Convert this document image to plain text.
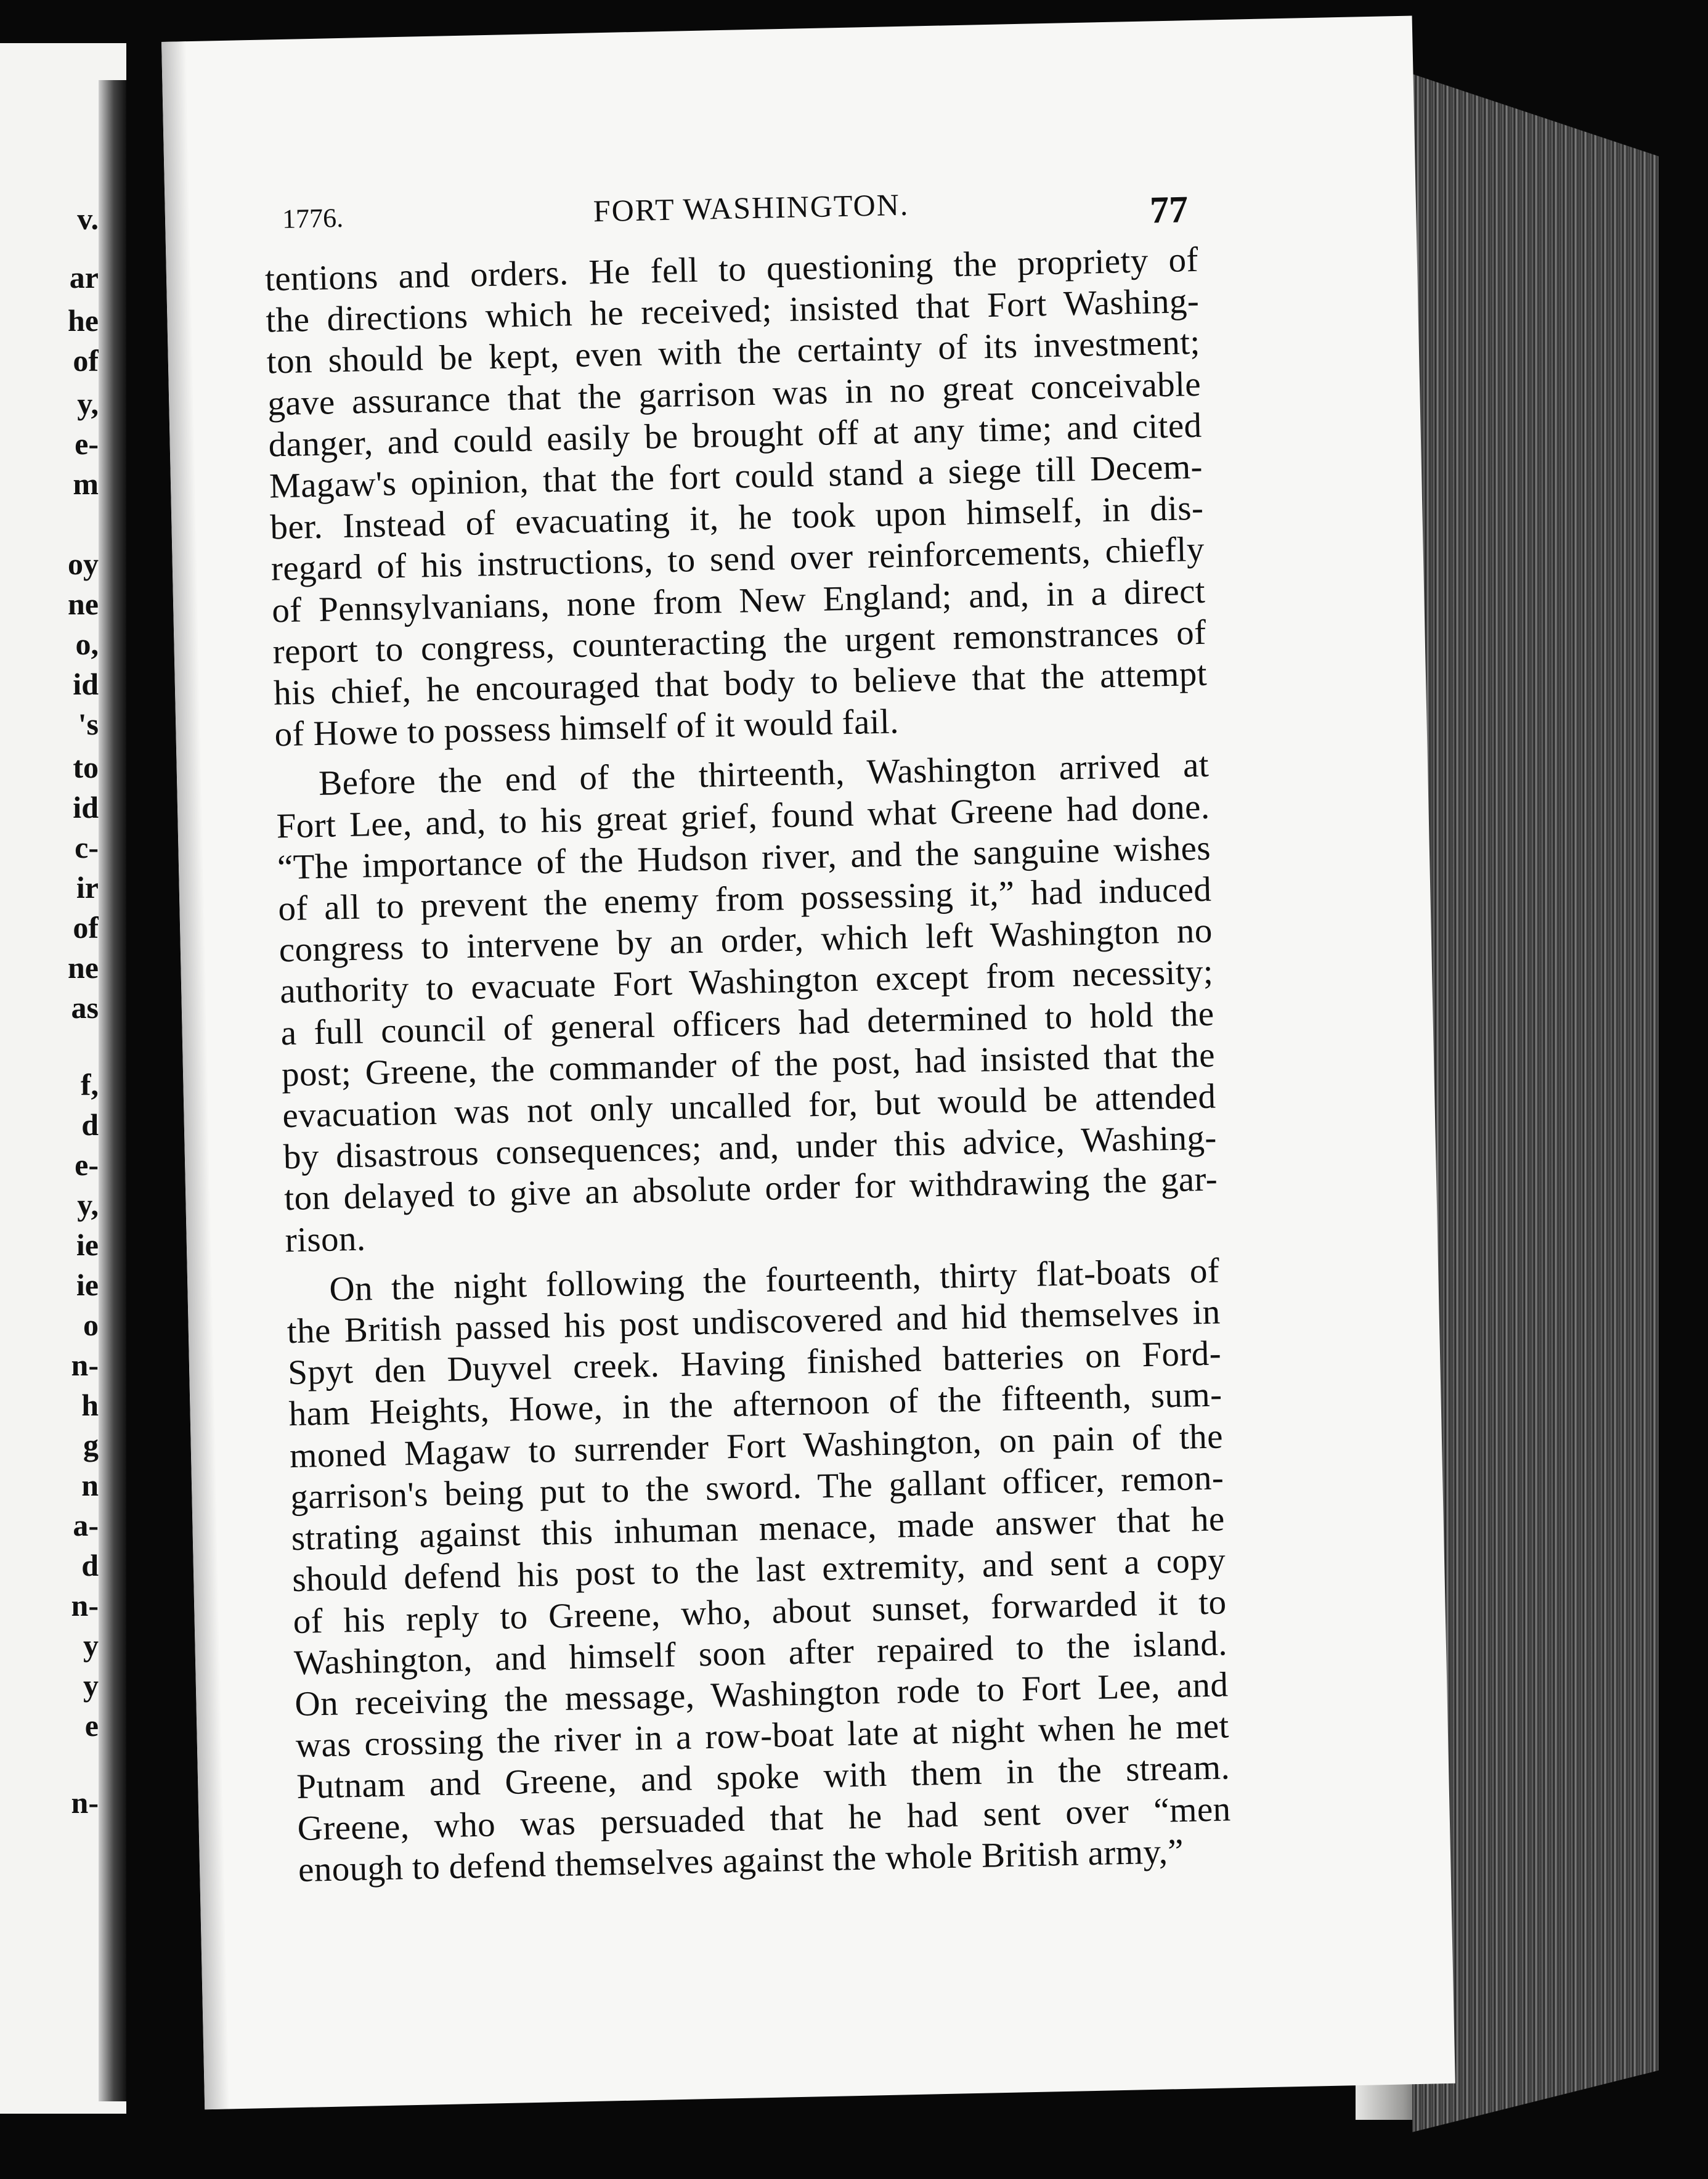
v.
ar
he
of
y,
e-
m
oy
ne
o,
id
's
to
id
c-
ir
of
ne
as
f,
d
e-
y,
ie
ie
o
n-
h
g
n
a-
d
n-
y
y
e
n-
1776.	FORT WASHINGTON.	77
tentions and orders. He fell to questioning the propriety of
the directions which he received; insisted that Fort Washing-
ton should be kept, even with the certainty of its investment;
gave assurance that the garrison was in no great conceivable
danger, and could easily be brought off at any time; and cited
Magaw's opinion, that the fort could stand a siege till Decem-
ber. Instead of evacuating it, he took upon himself, in dis-
regard of his instructions, to send over reinforcements, chiefly
of Pennsylvanians, none from New England; and, in a direct
report to congress, counteracting the urgent remonstrances of
his chief, he encouraged that body to believe that the attempt
of Howe to possess himself of it would fail.
Before the end of the thirteenth, Washington arrived at
Fort Lee, and, to his great grief, found what Greene had done.
“The importance of the Hudson river, and the sanguine wishes
of all to prevent the enemy from possessing it,” had induced
congress to intervene by an order, which left Washington no
authority to evacuate Fort Washington except from necessity;
a full council of general officers had determined to hold the
post; Greene, the commander of the post, had insisted that the
evacuation was not only uncalled for, but would be attended
by disastrous consequences; and, under this advice, Washing-
ton delayed to give an absolute order for withdrawing the gar-
rison.
On the night following the fourteenth, thirty flat-boats of
the British passed his post undiscovered and hid themselves in
Spyt den Duyvel creek. Having finished batteries on Ford-
ham Heights, Howe, in the afternoon of the fifteenth, sum-
moned Magaw to surrender Fort Washington, on pain of the
garrison's being put to the sword. The gallant officer, remon-
strating against this inhuman menace, made answer that he
should defend his post to the last extremity, and sent a copy
of his reply to Greene, who, about sunset, forwarded it to
Washington, and himself soon after repaired to the island.
On receiving the message, Washington rode to Fort Lee, and
was crossing the river in a row-boat late at night when he met
Putnam and Greene, and spoke with them in the stream.
Greene, who was persuaded that he had sent over “men
enough to defend themselves against the whole British army,”
